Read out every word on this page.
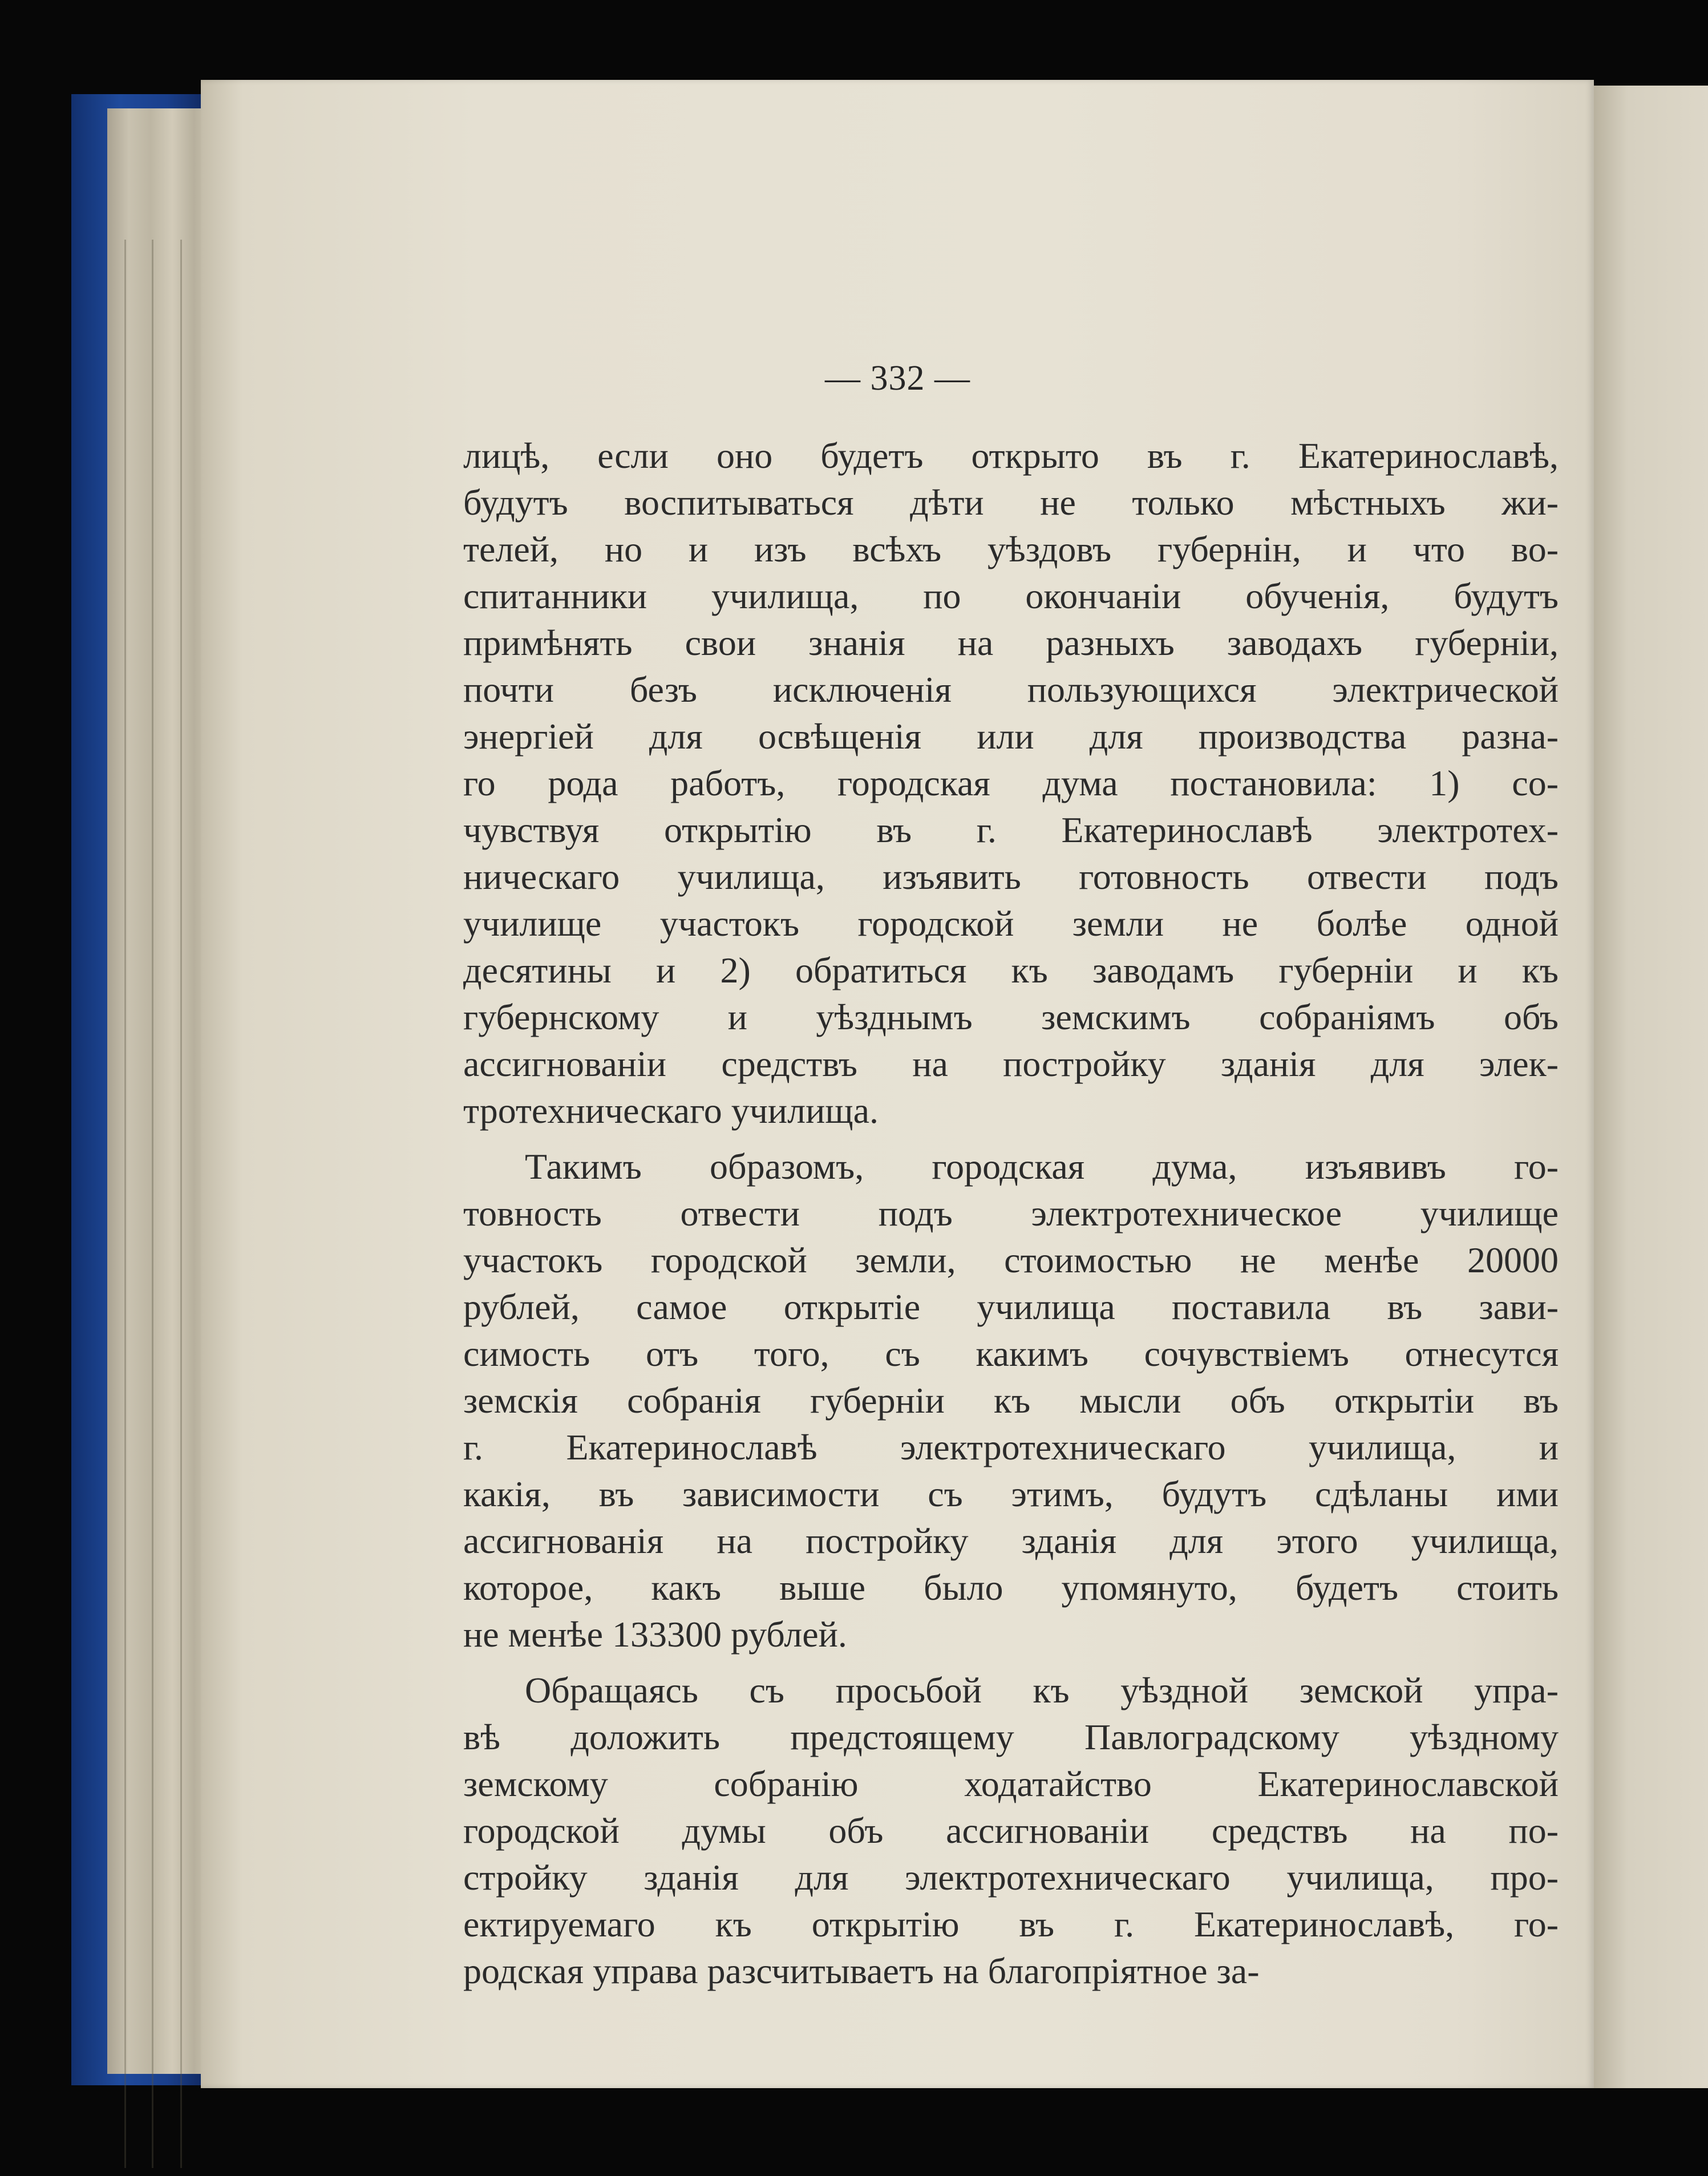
— 332 —
лицѣ, если оно будетъ открыто въ г. Екатеринославѣ,
будутъ воспитываться дѣти не только мѣстныхъ жи-
телей, но и изъ всѣхъ уѣздовъ губернін, и что во-
спитанники училища, по окончаніи обученія, будутъ
примѣнять свои знанія на разныхъ заводахъ губерніи,
почти безъ исключенія пользующихся электрической
энергіей для освѣщенія или для производства разна-
го рода работъ, городская дума постановила: 1) со-
чувствуя открытію въ г. Екатеринославѣ электротех-
ническаго училища, изъявить готовность отвести подъ
училище участокъ городской земли не болѣе одной
десятины и 2) обратиться къ заводамъ губерніи и къ
губернскому и уѣзднымъ земскимъ собраніямъ объ
ассигнованіи средствъ на постройку зданія для элек-
тротехническаго училища.
Такимъ образомъ, городская дума, изъявивъ го-
товность отвести подъ электротехническое училище
участокъ городской земли, стоимостью не менѣе 20000
рублей, самое открытіе училища поставила въ зави-
симость отъ того, съ какимъ сочувствіемъ отнесутся
земскія собранія губерніи къ мысли объ открытіи въ
г. Екатеринославѣ электротехническаго училища, и
какія, въ зависимости съ этимъ, будутъ сдѣланы ими
ассигнованія на постройку зданія для этого училища,
которое, какъ выше было упомянуто, будетъ стоить
не менѣе 133300 рублей.
Обращаясь съ просьбой къ уѣздной земской упра-
вѣ доложить предстоящему Павлоградскому уѣздному
земскому собранію ходатайство Екатеринославской
городской думы объ ассигнованіи средствъ на по-
стройку зданія для электротехническаго училища, про-
ектируемаго къ открытію въ г. Екатеринославѣ, го-
родская управа разсчитываетъ на благопріятное за-
